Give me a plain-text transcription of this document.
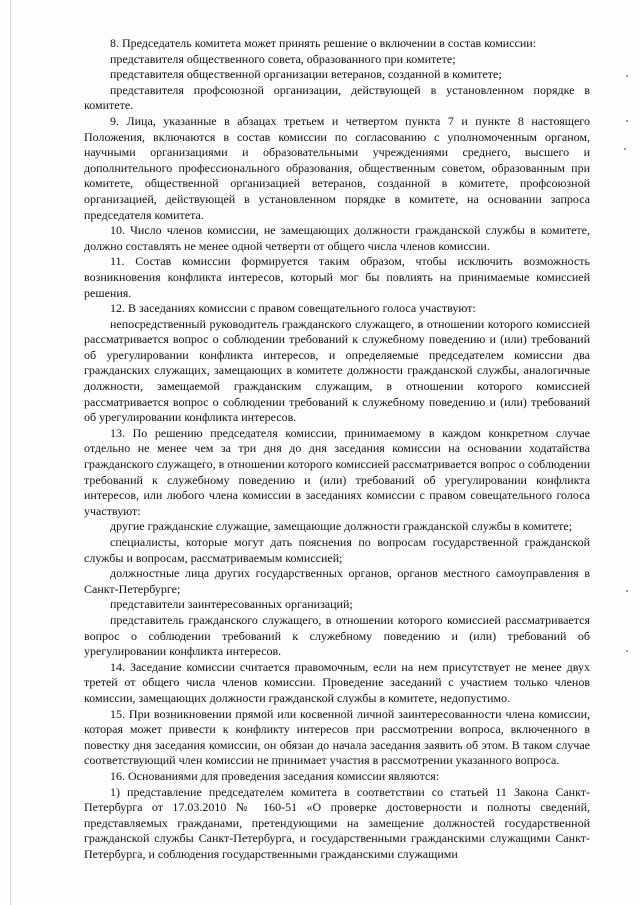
8. Председатель комитета может принять решение о включении в состав комиссии:

представителя общественного совета, образованного при комитете;

представителя общественной организации ветеранов, созданной в комитете;

представителя профсоюзной организации, действующей в установленном порядке в комитете.

9. Лица, указанные в абзацах третьем и четвертом пункта 7 и пункте 8 настоящего Положения, включаются в состав комиссии по согласованию с уполномоченным органом, научными организациями и образовательными учреждениями среднего, высшего и дополнительного профессионального образования, общественным советом, образованным при комитете, общественной организацией ветеранов, созданной в комитете, профсоюзной организацией, действующей в установленном порядке в комитете, на основании запроса председателя комитета.

10. Число членов комиссии, не замещающих должности гражданской службы в комитете, должно составлять не менее одной четверти от общего числа членов комиссии.

11. Состав комиссии формируется таким образом, чтобы исключить возможность возникновения конфликта интересов, который мог бы повлиять на принимаемые комиссией решения.

12. В заседаниях комиссии с правом совещательного голоса участвуют:

непосредственный руководитель гражданского служащего, в отношении которого комиссией рассматривается вопрос о соблюдении требований к служебному поведению и (или) требований об урегулировании конфликта интересов, и определяемые председателем комиссии два гражданских служащих, замещающих в комитете должности гражданской службы, аналогичные должности, замещаемой гражданским служащим, в отношении которого комиссией рассматривается вопрос о соблюдении требований к служебному поведению и (или) требований об урегулировании конфликта интересов.

13. По решению председателя комиссии, принимаемому в каждом конкретном случае отдельно не менее чем за три дня до дня заседания комиссии на основании ходатайства гражданского служащего, в отношении которого комиссией рассматривается вопрос о соблюдении требований к служебному поведению и (или) требований об урегулировании конфликта интересов, или любого члена комиссии в заседаниях комиссии с правом совещательного голоса участвуют:

другие гражданские служащие, замещающие должности гражданской службы в комитете;

специалисты, которые могут дать пояснения по вопросам государственной гражданской службы и вопросам, рассматриваемым комиссией;

должностные лица других государственных органов, органов местного самоуправления в Санкт-Петербурге;

представители заинтересованных организаций;

представитель гражданского служащего, в отношении которого комиссией рассматривается вопрос о соблюдении требований к служебному поведению и (или) требований об урегулировании конфликта интересов.

14. Заседание комиссии считается правомочным, если на нем присутствует не менее двух третей от общего числа членов комиссии. Проведение заседаний с участием только членов комиссии, замещающих должности гражданской службы в комитете, недопустимо.

15. При возникновении прямой или косвенной личной заинтересованности члена комиссии, которая может привести к конфликту интересов при рассмотрении вопроса, включенного в повестку дня заседания комиссии, он обязан до начала заседания заявить об этом. В таком случае соответствующий член комиссии не принимает участия в рассмотрении указанного вопроса.

16. Основаниями для проведения заседания комиссии являются:

1) представление председателем комитета в соответствии со статьей 11 Закона Санкт-Петербурга от 17.03.2010 № 160-51 «О проверке достоверности и полноты сведений, представляемых гражданами, претендующими на замещение должностей государственной гражданской службы Санкт-Петербурга, и государственными гражданскими служащими Санкт-Петербурга, и соблюдения государственными гражданскими служащими
